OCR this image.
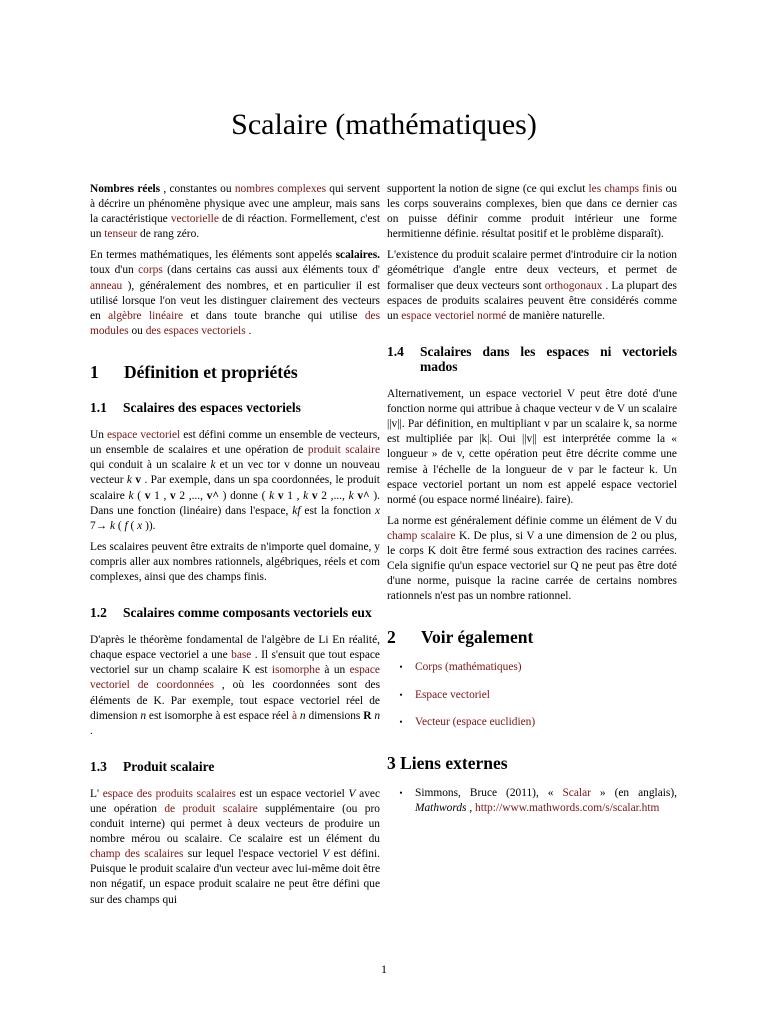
Scalaire (mathématiques)

Nombres réels , constantes ou nombres complexes qui servent à décrire un phénomène physique avec une ampleur, mais sans la caractéristique vectorielle de di réaction. Formellement, c'est un tenseur de rang zéro.

En termes mathématiques, les éléments sont appelés scalaires. toux d'un corps (dans certains cas aussi aux éléments toux d' anneau ), généralement des nombres, et en particulier il est utilisé lorsque l'on veut les distinguer clairement des vecteurs en algèbre linéaire et dans toute branche qui utilise des modules ou des espaces vectoriels .

1	Définition et propriétés
1.1	Scalaires des espaces vectoriels

Un espace vectoriel est défini comme un ensemble de vecteurs, un ensemble de scalaires et une opération de produit scalaire qui conduit à un scalaire k et un vec tor v donne un nouveau vecteur k v . Par exemple, dans un spa coordonnées, le produit scalaire k ( v 1 , v 2 ,..., v^ ) donne ( k v 1 , k v 2 ,..., k v^ ). Dans une fonction (linéaire) dans l'espace, kf est la fonction x 7→ k ( f ( x )).

Les scalaires peuvent être extraits de n'importe quel domaine, y compris aller aux nombres rationnels, algébriques, réels et com complexes, ainsi que des champs finis.

1.2	Scalaires comme composants vectoriels eux

D'après le théorème fondamental de l'algèbre de Li En réalité, chaque espace vectoriel a une base . Il s'ensuit que tout espace vectoriel sur un champ scalaire K est isomorphe à un espace vectoriel de coordonnées , où les coordonnées sont des éléments de K. Par exemple, tout espace vectoriel réel de dimension n est isomorphe à est espace réel à n dimensions R n .

1.3	Produit scalaire

L' espace des produits scalaires est un espace vectoriel V avec une opération de produit scalaire supplémentaire (ou pro conduit interne) qui permet à deux vecteurs de produire un nombre mérou ou scalaire. Ce scalaire est un élément du champ des scalaires sur lequel l'espace vectoriel V est défini. Puisque le produit scalaire d'un vecteur avec lui-même doit être non négatif, un espace produit scalaire ne peut être défini que sur des champs qui

supportent la notion de signe (ce qui exclut les champs finis ou les corps souverains complexes, bien que dans ce dernier cas on puisse définir comme produit intérieur une forme hermitienne définie. résultat positif et le problème disparaît).

L'existence du produit scalaire permet d'introduire cir la notion géométrique d'angle entre deux vecteurs, et permet de formaliser que deux vecteurs sont orthogonaux . La plupart des espaces de produits scalaires peuvent être considérés comme un espace vectoriel normé de manière naturelle.

1.4	Scalaires dans les espaces ni vectoriels mados

Alternativement, un espace vectoriel V peut être doté d'une fonction norme qui attribue à chaque vecteur v de V un scalaire ||v||. Par définition, en multipliant v par un scalaire k, sa norme est multipliée par |k|. Oui ||v|| est interprétée comme la « longueur » de v, cette opération peut être décrite comme une remise à l'échelle de la longueur de v par le facteur k. Un espace vectoriel portant un nom est appelé espace vectoriel normé (ou espace normé linéaire). faire).

La norme est généralement définie comme un élément de V du champ scalaire K. De plus, si V a une dimension de 2 ou plus, le corps K doit être fermé sous extraction des racines carrées. Cela signifie qu'un espace vectoriel sur Q ne peut pas être doté d'une norme, puisque la racine carrée de certains nombres rationnels n'est pas un nombre rationnel.

2	Voir également
•	Corps (mathématiques)
•	Espace vectoriel
•	Vecteur (espace euclidien)
3 Liens externes
•	Simmons, Bruce (2011), « Scalar » (en anglais), Mathwords , http://www.mathwords.com/s/scalar.htm
1
